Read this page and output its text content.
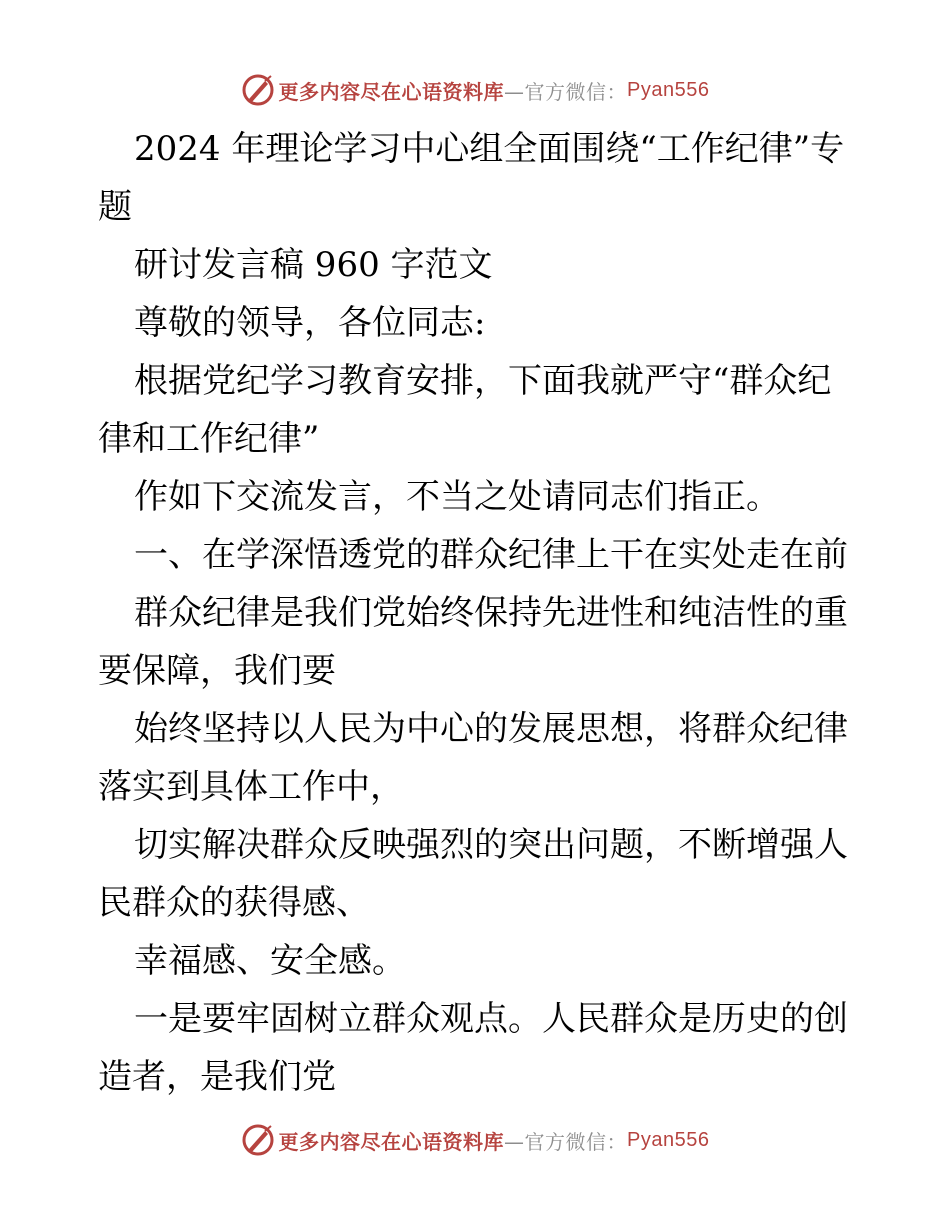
更多内容尽在心语资料库 —官方微信： Pyan556

2024 年理论学习中心组全面围绕“工作纪律”专题

研讨发言稿 960 字范文

尊敬的领导，各位同志:

根据党纪学习教育安排，下面我就严守“群众纪律和工作纪律”

作如下交流发言，不当之处请同志们指正。

一、在学深悟透党的群众纪律上干在实处走在前

群众纪律是我们党始终保持先进性和纯洁性的重要保障，我们要

始终坚持以人民为中心的发展思想，将群众纪律落实到具体工作中，

切实解决群众反映强烈的突出问题，不断增强人民群众的获得感、

幸福感、安全感。

一是要牢固树立群众观点。人民群众是历史的创造者，是我们党

更多内容尽在心语资料库 —官方微信： Pyan556
